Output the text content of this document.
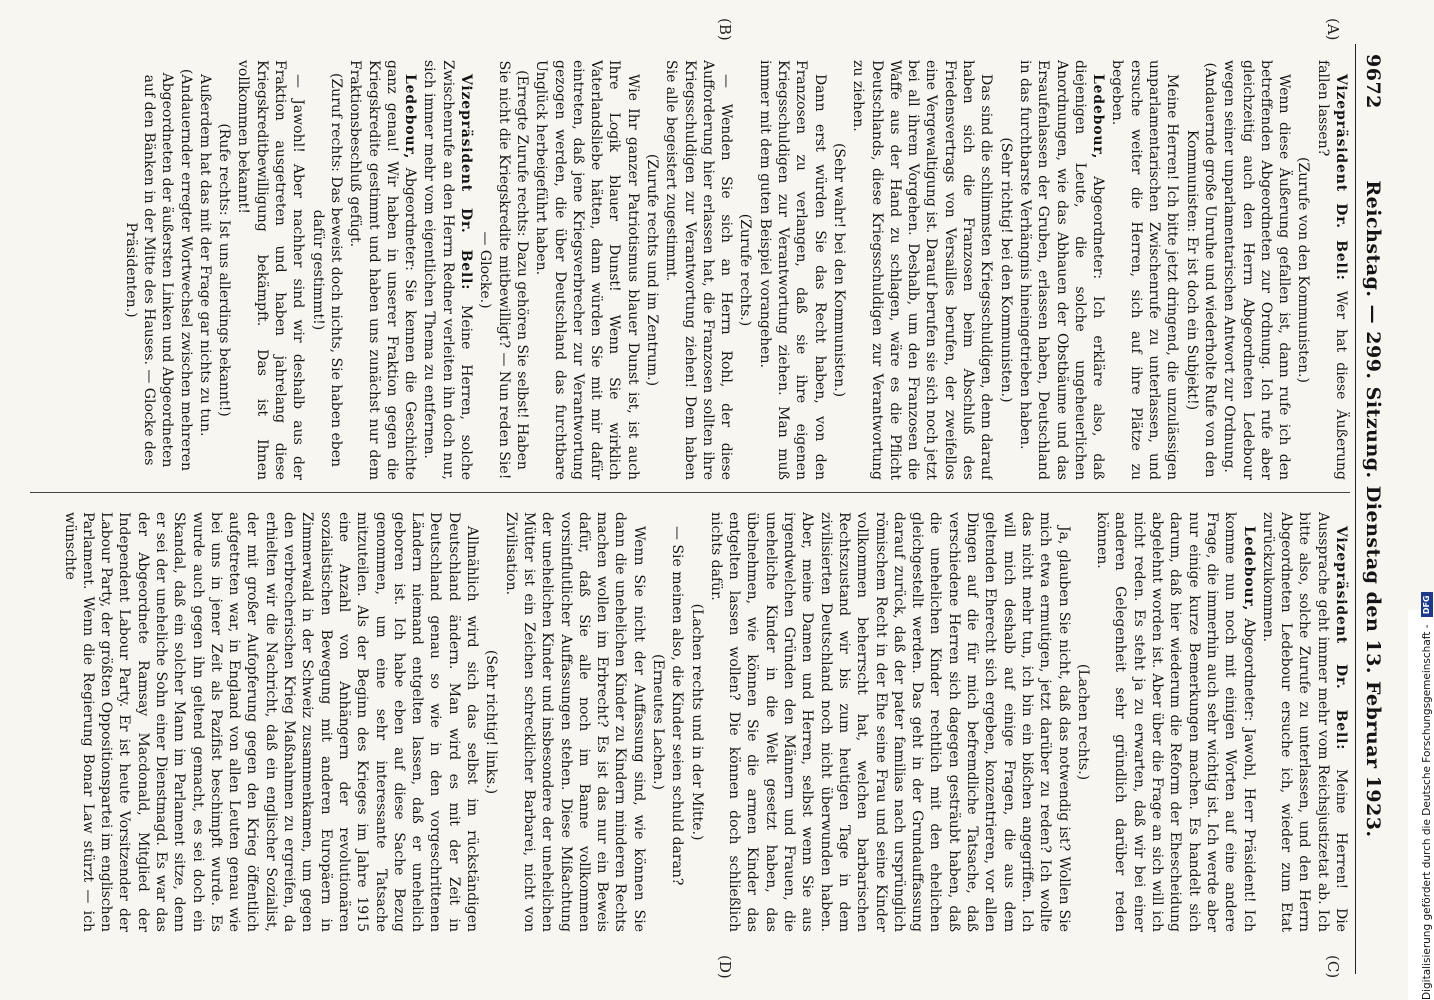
9672
Reichstag. — 299. Sitzung. Dienstag den 13. Februar 1923.
(A)
(B)
(C)
(D)

Vizepräsident Dr. Bell: Wer hat diese Äußerung fallen lassen?

(Zurufe von den Kommunisten.)

Wenn diese Äußerung gefallen ist, dann rufe ich den betreffenden Abgeordneten zur Ordnung. Ich rufe aber gleichzeitig auch den Herrn Abgeordneten Ledebour wegen seiner unparlamentarischen Antwort zur Ordnung.

(Andauernde große Unruhe und wiederholte Rufe von den Kommunisten: Er ist doch ein Subjekt!)

Meine Herren! Ich bitte jetzt dringend, die unzulässigen unparlamentarischen Zwischenrufe zu unterlassen, und ersuche weiter die Herren, sich auf ihre Plätze zu begeben.

Ledebour, Abgeordneter: Ich erkläre also, daß diejenigen Leute, die solche ungeheuerlichen Anordnungen, wie das Abhauen der Obstbäume und das Ersaufenlassen der Gruben, erlassen haben, Deutschland in das furchtbarste Verhängnis hineingetrieben haben.

(Sehr richtig! bei den Kommunisten.)

Das sind die schlimmsten Kriegsschuldigen, denn darauf haben sich die Franzosen beim Abschluß des Friedensvertrags von Versailles berufen, der zweifellos eine Vergewaltigung ist. Darauf berufen sie sich noch jetzt bei all ihrem Vorgehen. Deshalb, um den Franzosen die Waffe aus der Hand zu schlagen, wäre es die Pflicht Deutschlands, diese Kriegsschuldigen zur Verantwortung zu ziehen.

(Sehr wahr! bei den Kommunisten.)

Dann erst würden Sie das Recht haben, von den Franzosen zu verlangen, daß sie ihre eigenen Kriegsschuldigen zur Verantwortung ziehen. Man muß immer mit dem guten Beispiel vorangehen.

(Zurufe rechts.)

— Wenden Sie sich an Herrn Rohl, der diese Aufforderung hier erlassen hat, die Franzosen sollten ihre Kriegsschuldigen zur Verantwortung ziehen! Dem haben Sie alle begeistert zugestimmt.

(Zurufe rechts und im Zentrum.)

Wie Ihr ganzer Patriotismus blauer Dunst ist, ist auch Ihre Logik blauer Dunst! Wenn Sie wirklich Vaterlandsliebe hätten, dann würden Sie mit mir dafür eintreten, daß jene Kriegsverbrecher zur Verantwortung gezogen werden, die über Deutschland das furchtbare Unglück herbeigeführt haben.

(Erregte Zurufe rechts: Dazu gehören Sie selbst! Haben Sie nicht die Kriegskredite mitbewilligt? — Nun reden Sie! — Glocke.)

Vizepräsident Dr. Bell: Meine Herren, solche Zwischenrufe an den Herrn Redner verleiten ihn doch nur, sich immer mehr vom eigentlichen Thema zu entfernen.

Ledebour, Abgeordneter: Sie kennen die Geschichte ganz genau! Wir haben in unserer Fraktion gegen die Kriegskredite gestimmt und haben uns zunächst nur dem Fraktionsbeschluß gefügt.

(Zuruf rechts: Das beweist doch nichts, Sie haben eben dafür gestimmt!)

— Jawohl! Aber nachher sind wir deshalb aus der Fraktion ausgetreten und haben jahrelang diese Kriegskreditbewilligung bekämpft. Das ist Ihnen vollkommen bekannt!

(Rufe rechts: Ist uns allerdings bekannt!)

Außerdem hat das mit der Frage gar nichts zu tun.

(Andauernder erregter Wortwechsel zwischen mehreren Abgeordneten der äußersten Linken und Abgeordneten auf den Bänken in der Mitte des Hauses. — Glocke des Präsidenten.)

Vizepräsident Dr. Bell: Meine Herren! Die Aussprache geht immer mehr vom Reichsjustizetat ab. Ich bitte also, solche Zurufe zu unterlassen, und den Herrn Abgeordneten Ledebour ersuche ich, wieder zum Etat zurückzukommen.

Ledebour, Abgeordneter: Jawohl, Herr Präsident! Ich komme nun noch mit einigen Worten auf eine andere Frage, die immerhin auch sehr wichtig ist. Ich werde aber nur einige kurze Bemerkungen machen. Es handelt sich darum, daß hier wiederum die Reform der Ehescheidung abgelehnt worden ist. Aber über die Frage an sich will ich nicht reden. Es steht ja zu erwarten, daß wir bei einer anderen Gelegenheit sehr gründlich darüber reden können.

(Lachen rechts.)

Ja, glauben Sie nicht, daß das notwendig ist? Wollen Sie mich etwa ermutigen, jetzt darüber zu reden? Ich wollte das nicht mehr tun, ich bin ein bißchen angegriffen. Ich will mich deshalb auf einige Fragen, die aus dem geltenden Eherecht sich ergeben, konzentrieren, vor allen Dingen auf die für mich befremdliche Tatsache, daß verschiedene Herren sich dagegen gesträubt haben, daß die unehelichen Kinder rechtlich mit den ehelichen gleichgestellt werden. Das geht in der Grundauffassung darauf zurück, daß der pater familias nach ursprünglich römischem Recht in der Ehe seine Frau und seine Kinder vollkommen beherrscht hat, welchen barbarischen Rechtszustand wir bis zum heutigen Tage in dem zivilisierten Deutschland noch nicht überwunden haben. Aber, meine Damen und Herren, selbst wenn Sie aus irgendwelchen Gründen den Männern und Frauen, die uneheliche Kinder in die Welt gesetzt haben, das übelnehmen, wie können Sie die armen Kinder das entgelten lassen wollen? Die können doch schließlich nichts dafür.

(Lachen rechts und in der Mitte.)

— Sie meinen also, die Kinder seien schuld daran?

(Erneutes Lachen.)

Wenn Sie nicht der Auffassung sind, wie können Sie dann die unehelichen Kinder zu Kindern minderen Rechts machen wollen im Erbrecht? Es ist das nur ein Beweis dafür, daß Sie alle noch im Banne vollkommen vorsintflutlicher Auffassungen stehen. Diese Mißachtung der unehelichen Kinder und insbesondere der unehelichen Mütter ist ein Zeichen schrecklicher Barbarei, nicht von Zivilisation.

(Sehr richtig! links.)

Allmählich wird sich das selbst im rückständigen Deutschland ändern. Man wird es mit der Zeit in Deutschland genau so wie in den vorgeschrittenen Ländern niemand entgelten lassen, daß er unehelich geboren ist. Ich habe eben auf diese Sache Bezug genommen, um eine sehr interessante Tatsache mitzuteilen. Als der Beginn des Krieges im Jahre 1915 eine Anzahl von Anhängern der revolutionären sozialistischen Bewegung mit anderen Europäern in Zimmerwald in der Schweiz zusammenkamen, um gegen den verbrecherischen Krieg Maßnahmen zu ergreifen, da erhielten wir die Nachricht, daß ein englischer Sozialist, der mit großer Aufopferung gegen den Krieg öffentlich aufgetreten war, in England von allen Leuten genau wie bei uns in jener Zeit als Pazifist beschimpft wurde. Es wurde auch gegen ihn geltend gemacht, es sei doch ein Skandal, daß ein solcher Mann im Parlament sitze, denn er sei der uneheliche Sohn einer Dienstmagd. Es war das der Abgeordnete Ramsay Macdonald, Mitglied der Independent Labour Party. Er ist heute Vorsitzender der Labour Party, der größten Oppositionspartei im englischen Parlament. Wenn die Regierung Bonar Law stürzt — ich wünschte

Digitalisierung gefördert durch die Deutsche Forschungsgemeinschaft - DFG
